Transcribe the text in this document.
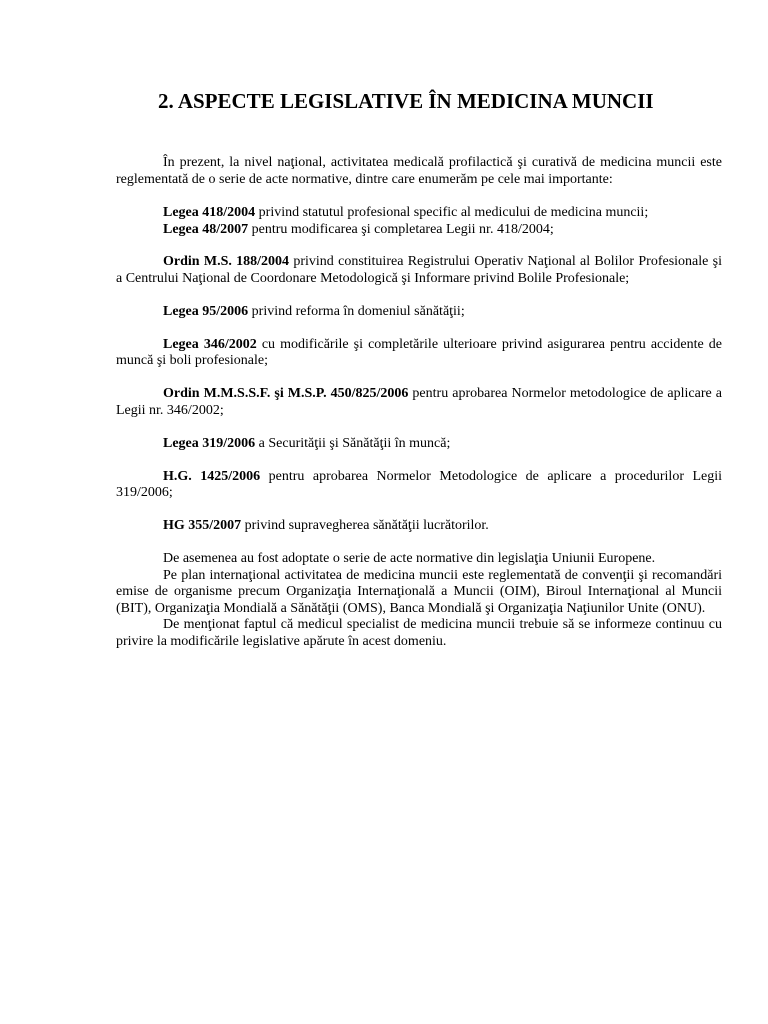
2. ASPECTE LEGISLATIVE ÎN MEDICINA MUNCII

În prezent, la nivel naţional, activitatea medicală profilactică şi curativă de medicina muncii este reglementată de o serie de acte normative, dintre care enumerăm pe cele mai importante:

Legea 418/2004 privind statutul profesional specific al medicului de medicina muncii;

Legea 48/2007 pentru modificarea şi completarea Legii nr. 418/2004;

Ordin M.S. 188/2004 privind constituirea Registrului Operativ Naţional al Bolilor Profesionale şi a Centrului Naţional de Coordonare Metodologică şi Informare privind Bolile Profesionale;

Legea 95/2006 privind reforma în domeniul sănătăţii;

Legea 346/2002 cu modificările şi completările ulterioare privind asigurarea pentru accidente de muncă şi boli profesionale;

Ordin M.M.S.S.F. şi M.S.P. 450/825/2006 pentru aprobarea Normelor metodologice de aplicare a Legii nr. 346/2002;

Legea 319/2006 a Securităţii şi Sănătăţii în muncă;

H.G. 1425/2006 pentru aprobarea Normelor Metodologice de aplicare a procedurilor Legii 319/2006;

HG 355/2007 privind supravegherea sănătăţii lucrătorilor.

De asemenea au fost adoptate o serie de acte normative din legislaţia Uniunii Europene.

Pe plan internaţional activitatea de medicina muncii este reglementată de convenţii şi recomandări emise de organisme precum Organizaţia Internaţională a Muncii (OIM), Biroul Internaţional al Muncii (BIT), Organizaţia Mondială a Sănătăţii (OMS), Banca Mondială şi Organizaţia Naţiunilor Unite (ONU).

De menţionat faptul că medicul specialist de medicina muncii trebuie să se informeze continuu cu privire la modificările legislative apărute în acest domeniu.
